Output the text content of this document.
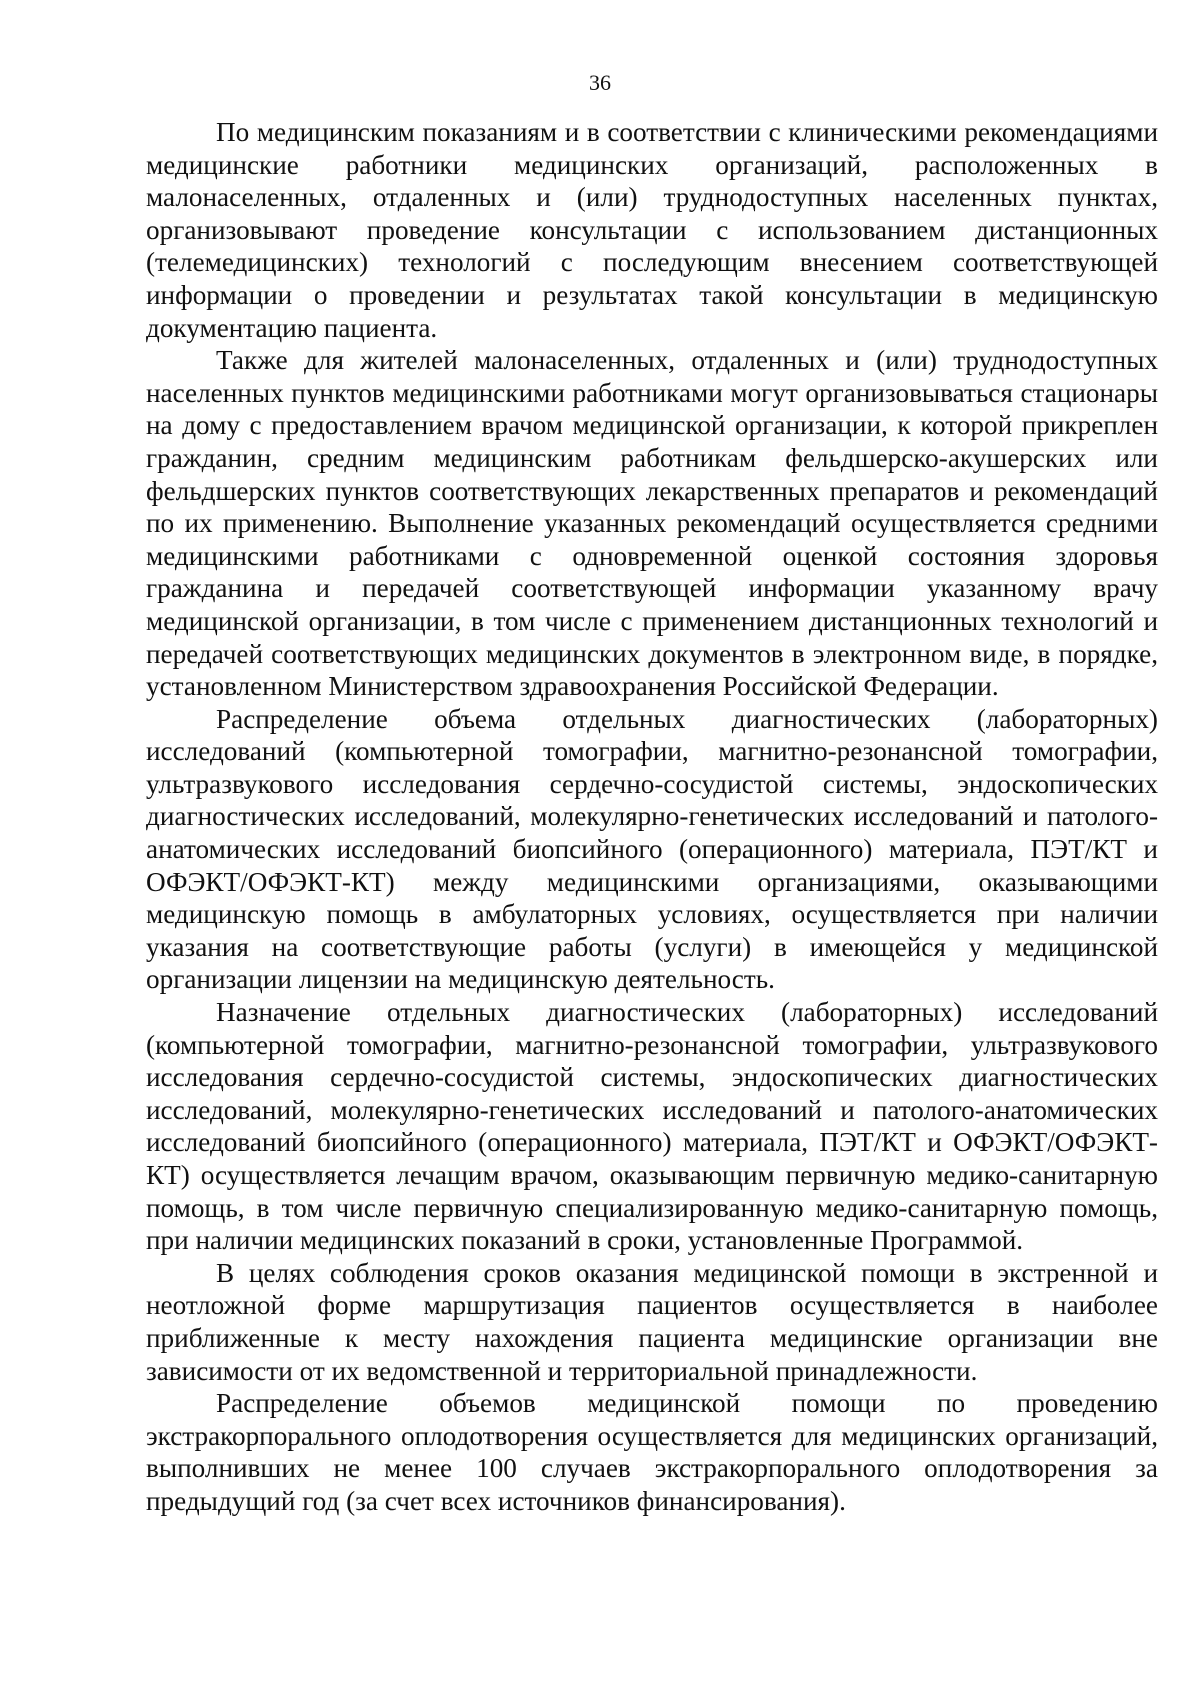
36

По медицинским показаниям и в соответствии с клиническими рекомендациями медицинские работники медицинских организаций, расположенных в малонаселенных, отдаленных и (или) труднодоступных населенных пунктах, организовывают проведение консультации с использованием дистанционных (телемедицинских) технологий с последующим внесением соответствующей информации о проведении и результатах такой консультации в медицинскую документацию пациента.

Также для жителей малонаселенных, отдаленных и (или) труднодоступных населенных пунктов медицинскими работниками могут организовываться стационары на дому с предоставлением врачом медицинской организации, к которой прикреплен гражданин, средним медицинским работникам фельдшерско-акушерских или фельдшерских пунктов соответствующих лекарственных препаратов и рекомендаций по их применению. Выполнение указанных рекомендаций осуществляется средними медицинскими работниками с одновременной оценкой состояния здоровья гражданина и передачей соответствующей информации указанному врачу медицинской организации, в том числе с применением дистанционных технологий и передачей соответствующих медицинских документов в электронном виде, в порядке, установленном Министерством здравоохранения Российской Федерации.

Распределение объема отдельных диагностических (лабораторных) исследований (компьютерной томографии, магнитно-резонансной томографии, ультразвукового исследования сердечно-сосудистой системы, эндоскопических диагностических исследований, молекулярно-генетических исследований и патолого-анатомических исследований биопсийного (операционного) материала, ПЭТ/КТ и ОФЭКТ/ОФЭКТ-КТ) между медицинскими организациями, оказывающими медицинскую помощь в амбулаторных условиях, осуществляется при наличии указания на соответствующие работы (услуги) в имеющейся у медицинской организации лицензии на медицинскую деятельность.

Назначение отдельных диагностических (лабораторных) исследований (компьютерной томографии, магнитно-резонансной томографии, ультразвукового исследования сердечно-сосудистой системы, эндоскопических диагностических исследований, молекулярно-генетических исследований и патолого-анатомических исследований биопсийного (операционного) материала, ПЭТ/КТ и ОФЭКТ/ОФЭКТ-КТ) осуществляется лечащим врачом, оказывающим первичную медико-санитарную помощь, в том числе первичную специализированную медико-санитарную помощь, при наличии медицинских показаний в сроки, установленные Программой.

В целях соблюдения сроков оказания медицинской помощи в экстренной и неотложной форме маршрутизация пациентов осуществляется в наиболее приближенные к месту нахождения пациента медицинские организации вне зависимости от их ведомственной и территориальной принадлежности.

Распределение объемов медицинской помощи по проведению экстракорпорального оплодотворения осуществляется для медицинских организаций, выполнивших не менее 100 случаев экстракорпорального оплодотворения за предыдущий год (за счет всех источников финансирования).
